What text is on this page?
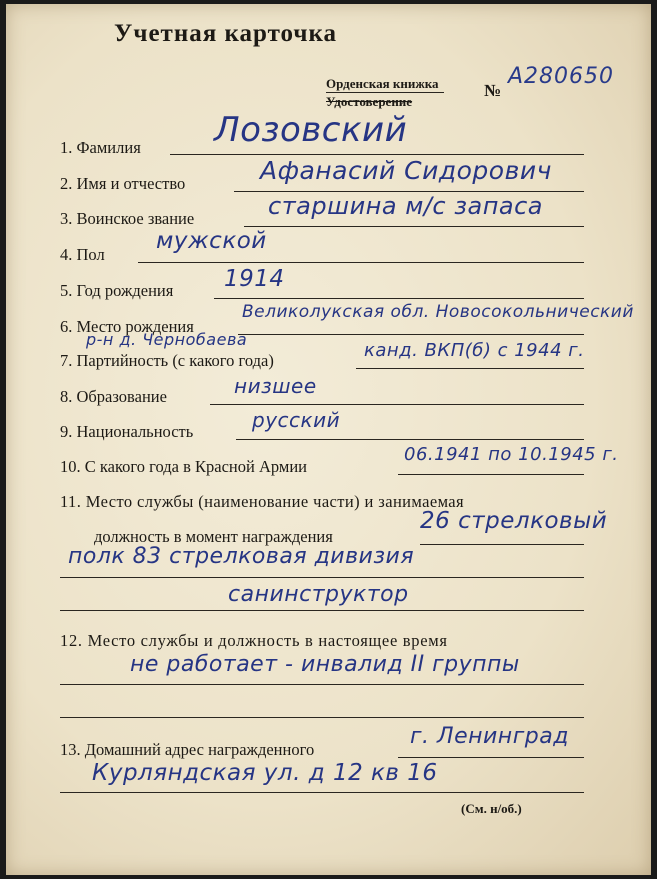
Учетная карточка
Орденская книжка
Удостоверение
№
А280650
1. Фамилия Лозовский
2. Имя и отчество	Афанасий Сидорович
3. Воинское звание	старшина м/с запаса
4. Пол
мужской
5. Год рождения 1914
6. Место рождения
Великолукская обл. Новосокольнический
р-н д. Чернобаева
7. Партийность (с какого года)	канд. ВКП(б) с 1944 г.
8. Образование	низшее
9. Национальность	русский
10. С какого года в Красной Армии
06.1941 по 10.1945 г.
11. Место службы (наименование части) и занимаемая
должность в момент награждения
26 стрелковый
полк 83 стрелковая дивизия
санинструктор
12. Место службы и должность в настоящее время
не работает - инвалид II группы
13. Домашний адрес награжденного
г. Ленинград
Курляндская ул. д 12 кв 16
(См. н/об.)
